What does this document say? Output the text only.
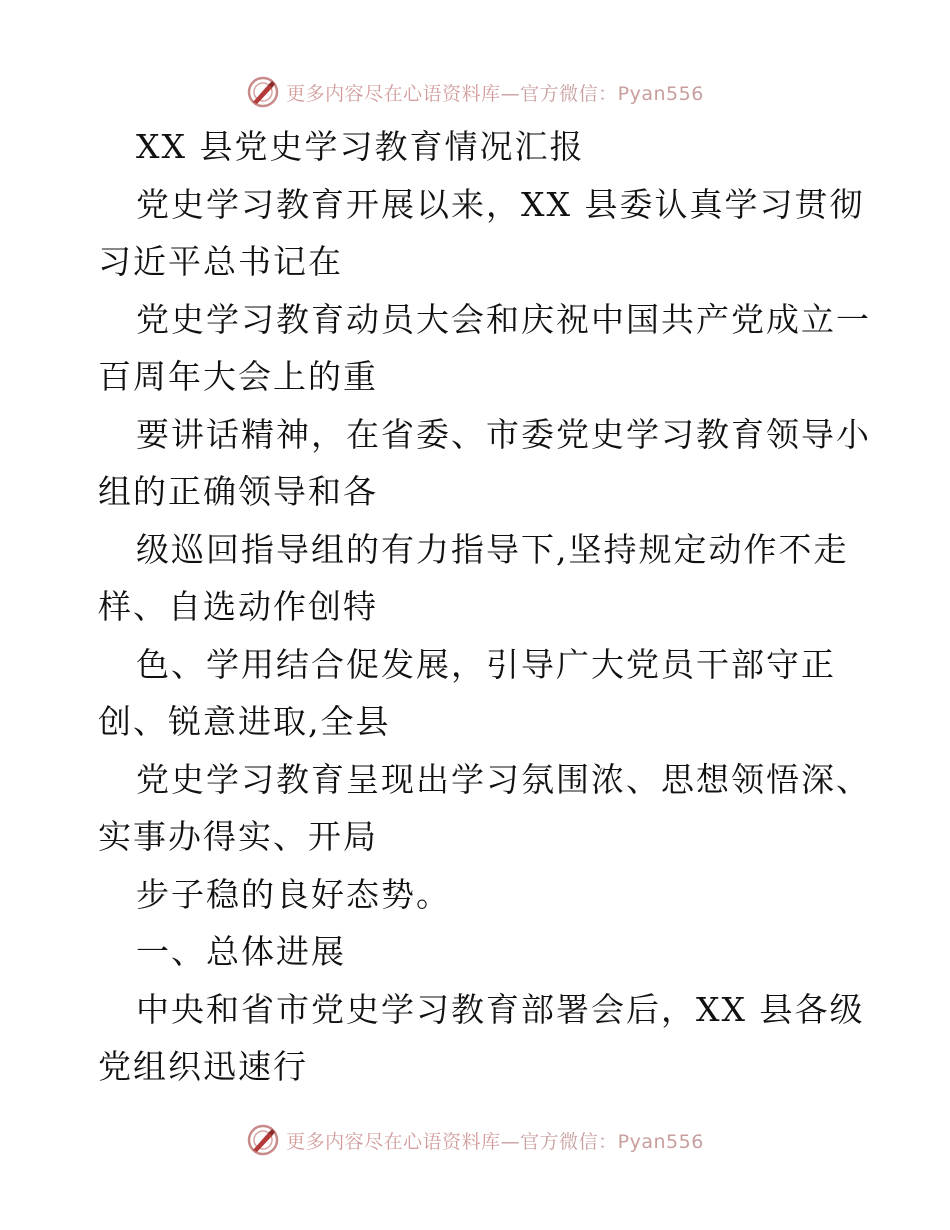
更多内容尽在心语资料库—官方微信：Pyan556
XX 县党史学习教育情况汇报
党史学习教育开展以来，XX 县委认真学习贯彻
习近平总书记在
党史学习教育动员大会和庆祝中国共产党成立一
百周年大会上的重
要讲话精神，在省委、市委党史学习教育领导小
组的正确领导和各
级巡回指导组的有力指导下,坚持规定动作不走
样、自选动作创特
色、学用结合促发展，引导广大党员干部守正
创、锐意进取,全县
党史学习教育呈现出学习氛围浓、思想领悟深、
实事办得实、开局
步子稳的良好态势。
一、总体进展
中央和省市党史学习教育部署会后，XX 县各级
党组织迅速行
更多内容尽在心语资料库—官方微信：Pyan556
